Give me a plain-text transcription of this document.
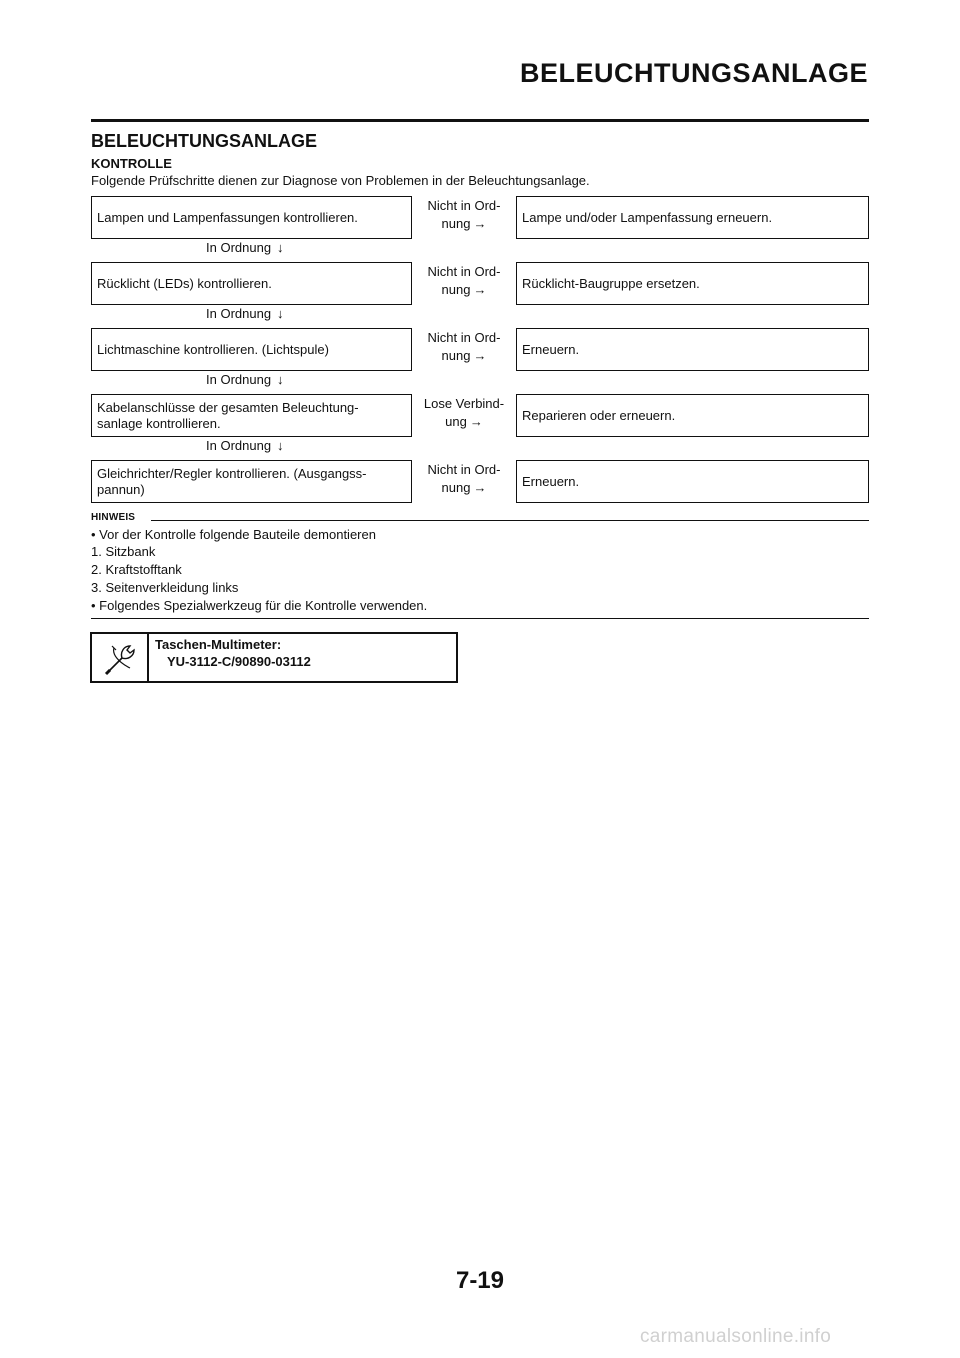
BELEUCHTUNGSANLAGE
BELEUCHTUNGSANLAGE
KONTROLLE
Folgende Prüfschritte dienen zur Diagnose von Problemen in der Beleuchtungsanlage.
Lampen und Lampenfassungen kontrollieren.
Nicht in Ord-
nung →	Lampe und/oder Lampenfassung erneuern.
In Ordnung ↓
Rücklicht (LEDs) kontrollieren.
Nicht in Ord-
nung →	Rücklicht-Baugruppe ersetzen.
In Ordnung ↓
Lichtmaschine kontrollieren. (Lichtspule)
Nicht in Ord-
nung →	Erneuern.
In Ordnung ↓
Kabelanschlüsse der gesamten Beleuchtung-
sanlage kontrollieren.
Lose Verbind-
ung →	Reparieren oder erneuern.
In Ordnung ↓
Gleichrichter/Regler kontrollieren. (Ausgangss-
pannun)
Nicht in Ord-
nung →	Erneuern.
HINWEIS
• Vor der Kontrolle folgende Bauteile demontieren
1. Sitzbank
2. Kraftstofftank
3. Seitenverkleidung links
• Folgendes Spezialwerkzeug für die Kontrolle verwenden.
Taschen-Multimeter:
YU-3112-C/90890-03112
7-19
carmanualsonline.info
